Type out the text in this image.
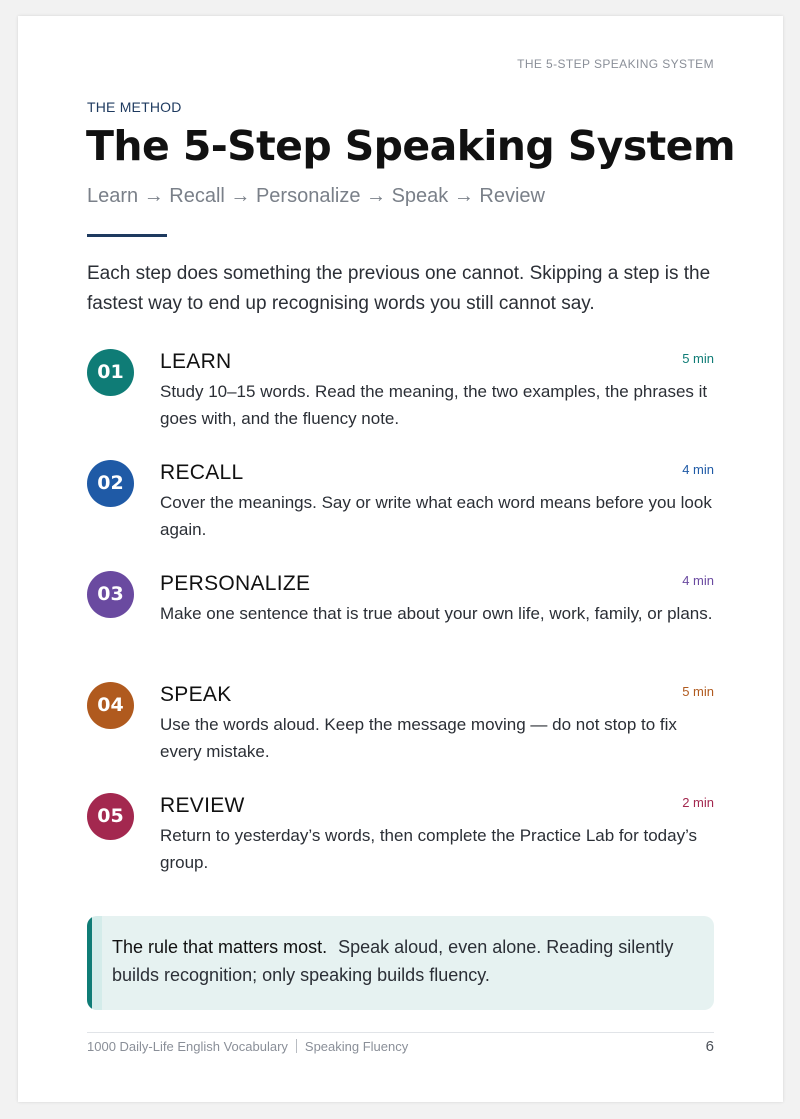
THE 5-STEP SPEAKING SYSTEM
THE METHOD
The 5-Step Speaking System
Learn → Recall → Personalize → Speak → Review
Each step does something the previous one cannot. Skipping a step is the fastest way to end up recognising words you still cannot say.
01	LEARN	5 min
Study 10–15 words. Read the meaning, the two examples, the phrases it goes with, and the fluency note.
02	RECALL	4 min
Cover the meanings. Say or write what each word means before you look again.
03	PERSONALIZE	4 min
Make one sentence that is true about your own life, work, family, or plans.
04	SPEAK	5 min
Use the words aloud. Keep the message moving — do not stop to fix every mistake.
05	REVIEW	2 min
Return to yesterday’s words, then complete the Practice Lab for today’s group.
The rule that matters most. Speak aloud, even alone. Reading silently builds recognition; only speaking builds fluency.
1000 Daily-Life English Vocabulary Speaking Fluency	6
